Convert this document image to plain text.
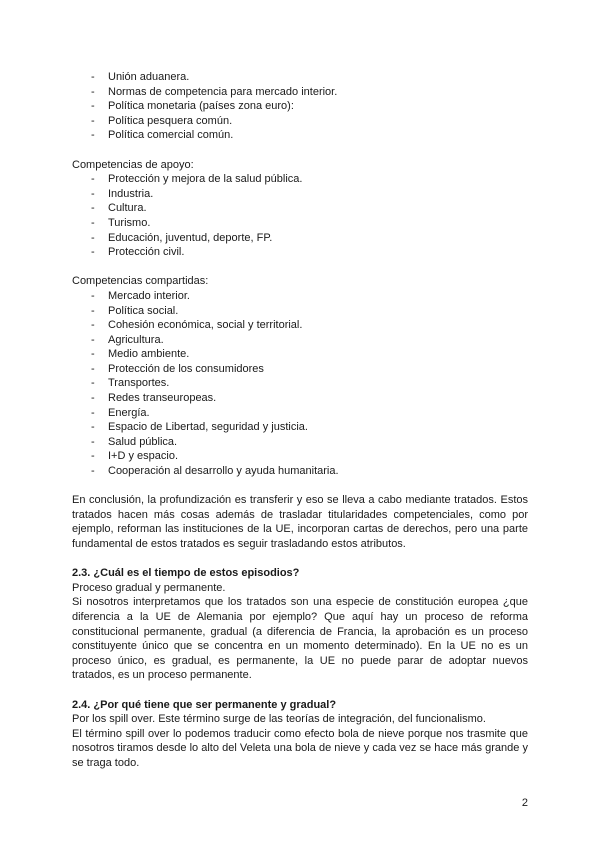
- Unión aduanera.
- Normas de competencia para mercado interior.
- Política monetaria (países zona euro):
- Política pesquera común.
- Política comercial común.

Competencias de apoyo:

- Protección y mejora de la salud pública.
- Industria.
- Cultura.
- Turismo.
- Educación, juventud, deporte, FP.
- Protección civil.

Competencias compartidas:

- Mercado interior.
- Política social.
- Cohesión económica, social y territorial.
- Agricultura.
- Medio ambiente.
- Protección de los consumidores
- Transportes.
- Redes transeuropeas.
- Energía.
- Espacio de Libertad, seguridad y justicia.
- Salud pública.
- I+D y espacio.
- Cooperación al desarrollo y ayuda humanitaria.

En conclusión, la profundización es transferir y eso se lleva a cabo mediante tratados. Estos tratados hacen más cosas además de trasladar titularidades competenciales, como por ejemplo, reforman las instituciones de la UE, incorporan cartas de derechos, pero una parte fundamental de estos tratados es seguir trasladando estos atributos.

2.3. ¿Cuál es el tiempo de estos episodios?

Proceso gradual y permanente.

Si nosotros interpretamos que los tratados son una especie de constitución europea ¿que diferencia a la UE de Alemania por ejemplo? Que aquí hay un proceso de reforma constitucional permanente, gradual (a diferencia de Francia, la aprobación es un proceso constituyente único que se concentra en un momento determinado). En la UE no es un proceso único, es gradual, es permanente, la UE no puede parar de adoptar nuevos tratados, es un proceso permanente.

2.4. ¿Por qué tiene que ser permanente y gradual?

Por los spill over. Este término surge de las teorías de integración, del funcionalismo.

El término spill over lo podemos traducir como efecto bola de nieve porque nos trasmite que nosotros tiramos desde lo alto del Veleta una bola de nieve y cada vez se hace más grande y se traga todo.

2
